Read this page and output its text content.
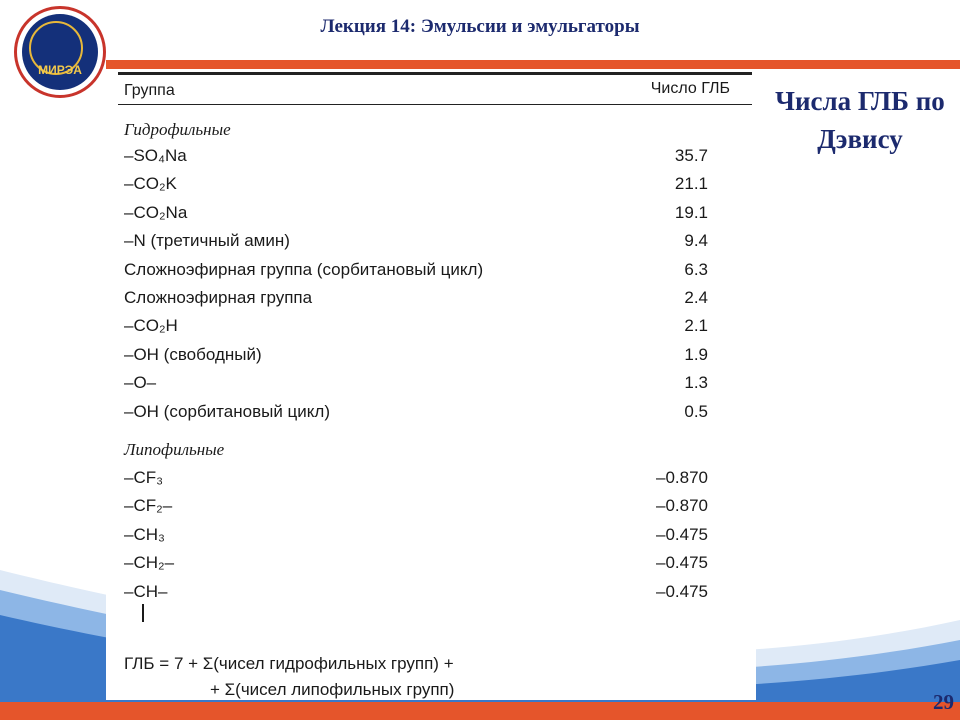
МИРЭА
Лекция 14: Эмульсии и эмульгаторы
29
Числа ГЛБ по Дэвису
Группа	Число ГЛБ
Гидрофильные
–SO₄Na	35.7
–CO₂K	21.1
–CO₂Na	19.1
–N (третичный амин)	9.4
Сложноэфирная группа (сорбитановый цикл)	6.3
Сложноэфирная группа	2.4
–CO₂H	2.1
–OH (свободный)	1.9
–O–	1.3
–OH (сорбитановый цикл)	0.5
Липофильные
–CF₃	–0.870
–CF₂–	–0.870
–CH₃	–0.475
–CH₂–	–0.475
–CH–	–0.475
ГЛБ = 7 + Σ(чисел гидрофильных групп) +
+ Σ(чисел липофильных групп)
